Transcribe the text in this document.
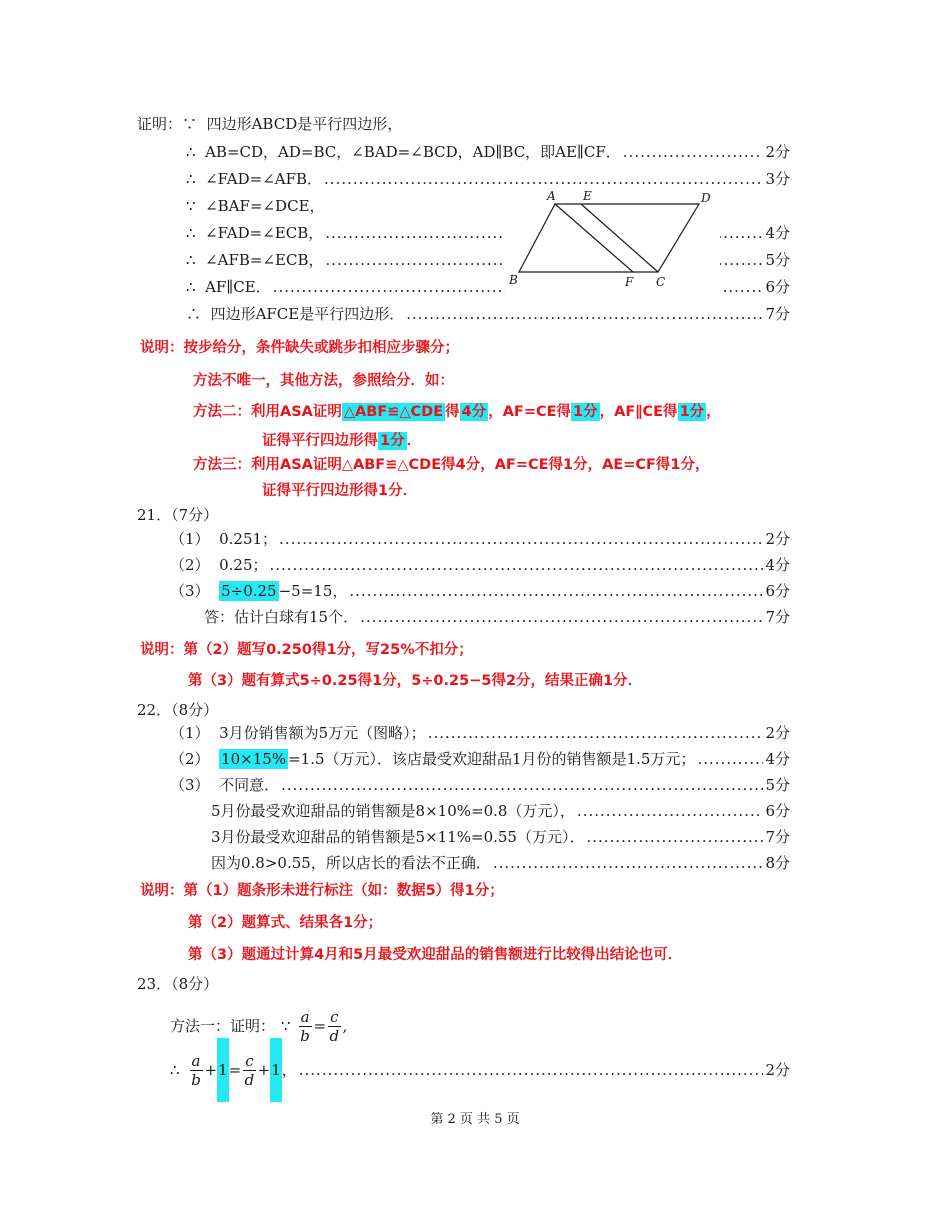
证明：∵ 四边形ABCD是平行四边形，
∴ AB=CD，AD=BC，∠BAD=∠BCD，AD∥BC，即AE∥CF． .....	2分
∴ ∠FAD=∠AFB． .....	3分
∵ ∠BAF=∠DCE，
∴ ∠FAD=∠ECB， .....	4分
∴ ∠AFB=∠ECB， .....	5分
∴ AF∥CE． .....	6分
∴ 四边形AFCE是平行四边形． .....	7分
A E	D
B	F C
说明：按步给分，条件缺失或跳步扣相应步骤分；
方法不唯一，其他方法，参照给分．如：
方法二：利用ASA证明 △ABF≌△CDE 得 4分 ，AF=CE得 1分 ，AF∥CE得 1分 ，
证得平行四边形得 1分 ．
方法三：利用ASA证明△ABF≌△CDE得4分，AF=CE得1分，AE=CF得1分，
证得平行四边形得1分．
21．（7分）
（1） 0.251； .....	2分
（2） 0.25； .....	4分
（3） 5÷0.25 −5=15， .....	6分
答：估计白球有15个． .....	7分
说明：第（2）题写0.250得1分，写25%不扣分；
第（3）题有算式5÷0.25得1分，5÷0.25−5得2分，结果正确1分．
22．（8分）
（1） 3月份销售额为5万元（图略）； .....	2分
（2） 10×15% =1.5（万元）．该店最受欢迎甜品1月份的销售额是1.5万元； .....	4分
（3） 不同意． .....	5分
5月份最受欢迎甜品的销售额是8×10%=0.8（万元）， .....	6分
3月份最受欢迎甜品的销售额是5×11%=0.55（万元）． .....	7分
因为0.8>0.55，所以店长的看法不正确． .....	8分
说明：第（1）题条形未进行标注（如：数据5）得1分；
第（2）题算式、结果各1分；
第（3）题通过计算4月和5月最受欢迎甜品的销售额进行比较得出结论也可．
23．（8分）
方法一：证明： ∵ $\frac{a}{b} = \frac{c}{d}$ ,
∴ $\frac{a}{b} + 1 = \frac{c}{d} + 1$ ， .....	2分
第 2 页 共 5 页
